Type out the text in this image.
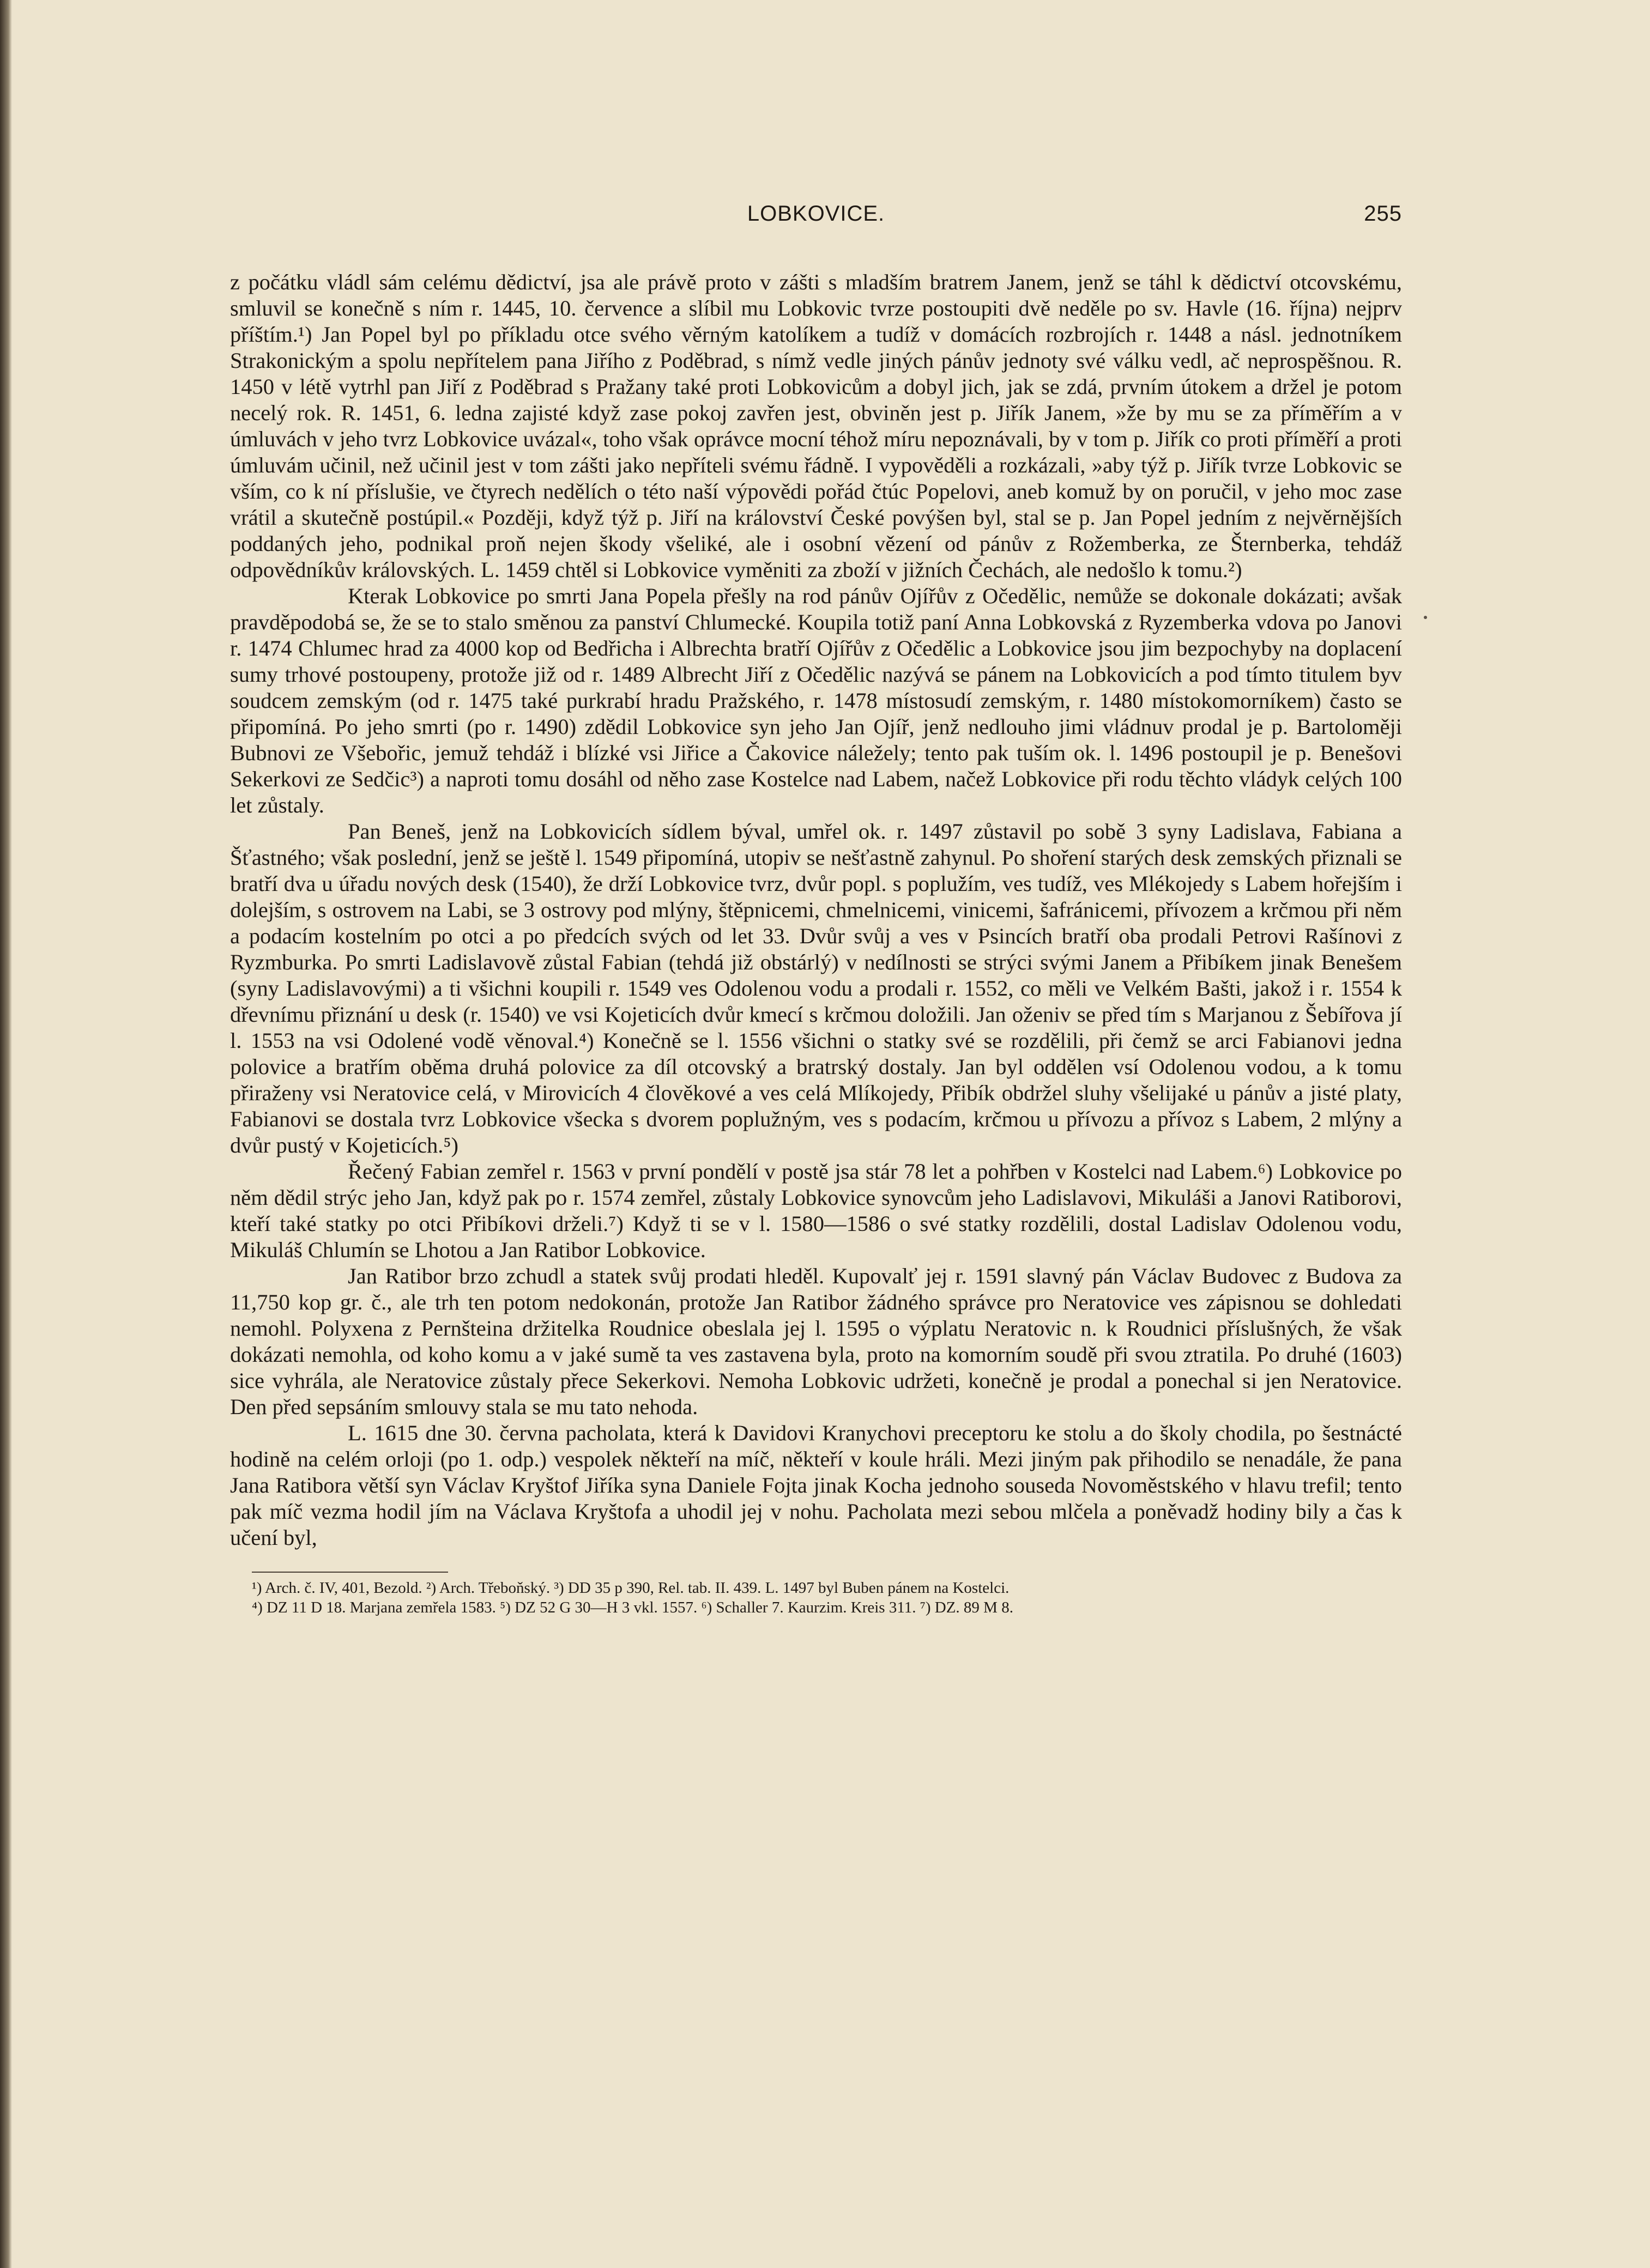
LOBKOVICE.	255

z počátku vládl sám celému dědictví, jsa ale právě proto v zášti s mladším bratrem Janem, jenž se táhl k dědictví otcovskému, smluvil se konečně s ním r. 1445, 10. července a slíbil mu Lobkovic tvrze postoupiti dvě neděle po sv. Havle (16. října) nejprv příštím.¹) Jan Popel byl po příkladu otce svého věrným katolíkem a tudíž v domácích rozbrojích r. 1448 a násl. jednotníkem Strakonickým a spolu nepřítelem pana Jiřího z Poděbrad, s nímž vedle jiných pánův jednoty své válku vedl, ač neprospěšnou. R. 1450 v létě vytrhl pan Jiří z Poděbrad s Pražany také proti Lobkovicům a dobyl jich, jak se zdá, prvním útokem a držel je potom necelý rok. R. 1451, 6. ledna zajisté když zase pokoj zavřen jest, obviněn jest p. Jiřík Janem, »že by mu se za příměřím a v úmluvách v jeho tvrz Lobkovice uvázal«, toho však oprávce mocní téhož míru nepoznávali, by v tom p. Jiřík co proti příměří a proti úmluvám učinil, než učinil jest v tom zášti jako nepříteli svému řádně. I vypověděli a rozkázali, »aby týž p. Jiřík tvrze Lobkovic se vším, co k ní příslušie, ve čtyrech nedělích o této naší výpovědi pořád čtúc Popelovi, aneb komuž by on poručil, v jeho moc zase vrátil a skutečně postúpil.« Později, když týž p. Jiří na království České povýšen byl, stal se p. Jan Popel jedním z nejvěrnějších poddaných jeho, podnikal proň nejen škody všeliké, ale i osobní vězení od pánův z Rožemberka, ze Šternberka, tehdáž odpovědníkův královských. L. 1459 chtěl si Lobkovice vyměniti za zboží v jižních Čechách, ale nedošlo k tomu.²)

Kterak Lobkovice po smrti Jana Popela přešly na rod pánův Ojířův z Očedělic, nemůže se dokonale dokázati; avšak pravděpodobá se, že se to stalo směnou za panství Chlumecké. Koupila totiž paní Anna Lobkovská z Ryzemberka vdova po Janovi r. 1474 Chlumec hrad za 4000 kop od Bedřicha i Albrechta bratří Ojířův z Očedělic a Lobkovice jsou jim bezpochyby na doplacení sumy trhové postoupeny, protože již od r. 1489 Albrecht Jiří z Očedělic nazývá se pánem na Lobkovicích a pod tímto titulem byv soudcem zemským (od r. 1475 také purkrabí hradu Pražského, r. 1478 místosudí zemským, r. 1480 místokomorníkem) často se připomíná. Po jeho smrti (po r. 1490) zdědil Lobkovice syn jeho Jan Ojíř, jenž nedlouho jimi vládnuv prodal je p. Bartoloměji Bubnovi ze Všebořic, jemuž tehdáž i blízké vsi Jiřice a Čakovice náležely; tento pak tuším ok. l. 1496 postoupil je p. Benešovi Sekerkovi ze Sedčic³) a naproti tomu dosáhl od něho zase Kostelce nad Labem, načež Lobkovice při rodu těchto vládyk celých 100 let zůstaly.

Pan Beneš, jenž na Lobkovicích sídlem býval, umřel ok. r. 1497 zůstavil po sobě 3 syny Ladislava, Fabiana a Šťastného; však poslední, jenž se ještě l. 1549 připomíná, utopiv se nešťastně zahynul. Po shoření starých desk zemských přiznali se bratří dva u úřadu nových desk (1540), že drží Lobkovice tvrz, dvůr popl. s poplužím, ves tudíž, ves Mlékojedy s Labem hořejším i dolejším, s ostrovem na Labi, se 3 ostrovy pod mlýny, štěpnicemi, chmelnicemi, vinicemi, šafránicemi, přívozem a krčmou při něm a podacím kostelním po otci a po předcích svých od let 33. Dvůr svůj a ves v Psincích bratří oba prodali Petrovi Rašínovi z Ryzmburka. Po smrti Ladislavově zůstal Fabian (tehdá již obstárlý) v nedílnosti se strýci svými Janem a Přibíkem jinak Benešem (syny Ladislavovými) a ti všichni koupili r. 1549 ves Odolenou vodu a prodali r. 1552, co měli ve Velkém Bašti, jakož i r. 1554 k dřevnímu přiznání u desk (r. 1540) ve vsi Kojeticích dvůr kmecí s krčmou doložili. Jan oženiv se před tím s Marjanou z Šebířova jí l. 1553 na vsi Odolené vodě věnoval.⁴) Konečně se l. 1556 všichni o statky své se rozdělili, při čemž se arci Fabianovi jedna polovice a bratřím oběma druhá polovice za díl otcovský a bratrský dostaly. Jan byl oddělen vsí Odolenou vodou, a k tomu přiraženy vsi Neratovice celá, v Mirovicích 4 člověkové a ves celá Mlíkojedy, Přibík obdržel sluhy všelijaké u pánův a jisté platy, Fabianovi se dostala tvrz Lobkovice všecka s dvorem poplužným, ves s podacím, krčmou u přívozu a přívoz s Labem, 2 mlýny a dvůr pustý v Kojeticích.⁵)

Řečený Fabian zemřel r. 1563 v první pondělí v postě jsa stár 78 let a pohřben v Kostelci nad Labem.⁶) Lobkovice po něm dědil strýc jeho Jan, když pak po r. 1574 zemřel, zůstaly Lobkovice synovcům jeho Ladislavovi, Mikuláši a Janovi Ratiborovi, kteří také statky po otci Přibíkovi drželi.⁷) Když ti se v l. 1580—1586 o své statky rozdělili, dostal Ladislav Odolenou vodu, Mikuláš Chlumín se Lhotou a Jan Ratibor Lobkovice.

Jan Ratibor brzo zchudl a statek svůj prodati hleděl. Kupovalť jej r. 1591 slavný pán Václav Budovec z Budova za 11,750 kop gr. č., ale trh ten potom nedokonán, protože Jan Ratibor žádného správce pro Neratovice ves zápisnou se dohledati nemohl. Polyxena z Pernšteina držitelka Roudnice obeslala jej l. 1595 o výplatu Neratovic n. k Roudnici příslušných, že však dokázati nemohla, od koho komu a v jaké sumě ta ves zastavena byla, proto na komorním soudě při svou ztratila. Po druhé (1603) sice vyhrála, ale Neratovice zůstaly přece Sekerkovi. Nemoha Lobkovic udržeti, konečně je prodal a ponechal si jen Neratovice. Den před sepsáním smlouvy stala se mu tato nehoda.

L. 1615 dne 30. června pacholata, která k Davidovi Kranychovi preceptoru ke stolu a do školy chodila, po šestnácté hodině na celém orloji (po 1. odp.) vespolek někteří na míč, někteří v koule hráli. Mezi jiným pak přihodilo se nenadále, že pana Jana Ratibora větší syn Václav Kryštof Jiříka syna Daniele Fojta jinak Kocha jednoho souseda Novoměstského v hlavu trefil; tento pak míč vezma hodil jím na Václava Kryštofa a uhodil jej v nohu. Pacholata mezi sebou mlčela a poněvadž hodiny bily a čas k učení byl,

¹) Arch. č. IV, 401, Bezold. ²) Arch. Třeboňský. ³) DD 35 p 390, Rel. tab. II. 439. L. 1497 byl Buben pánem na Kostelci.

⁴) DZ 11 D 18. Marjana zemřela 1583. ⁵) DZ 52 G 30—H 3 vkl. 1557. ⁶) Schaller 7. Kaurzim. Kreis 311. ⁷) DZ. 89 M 8.
